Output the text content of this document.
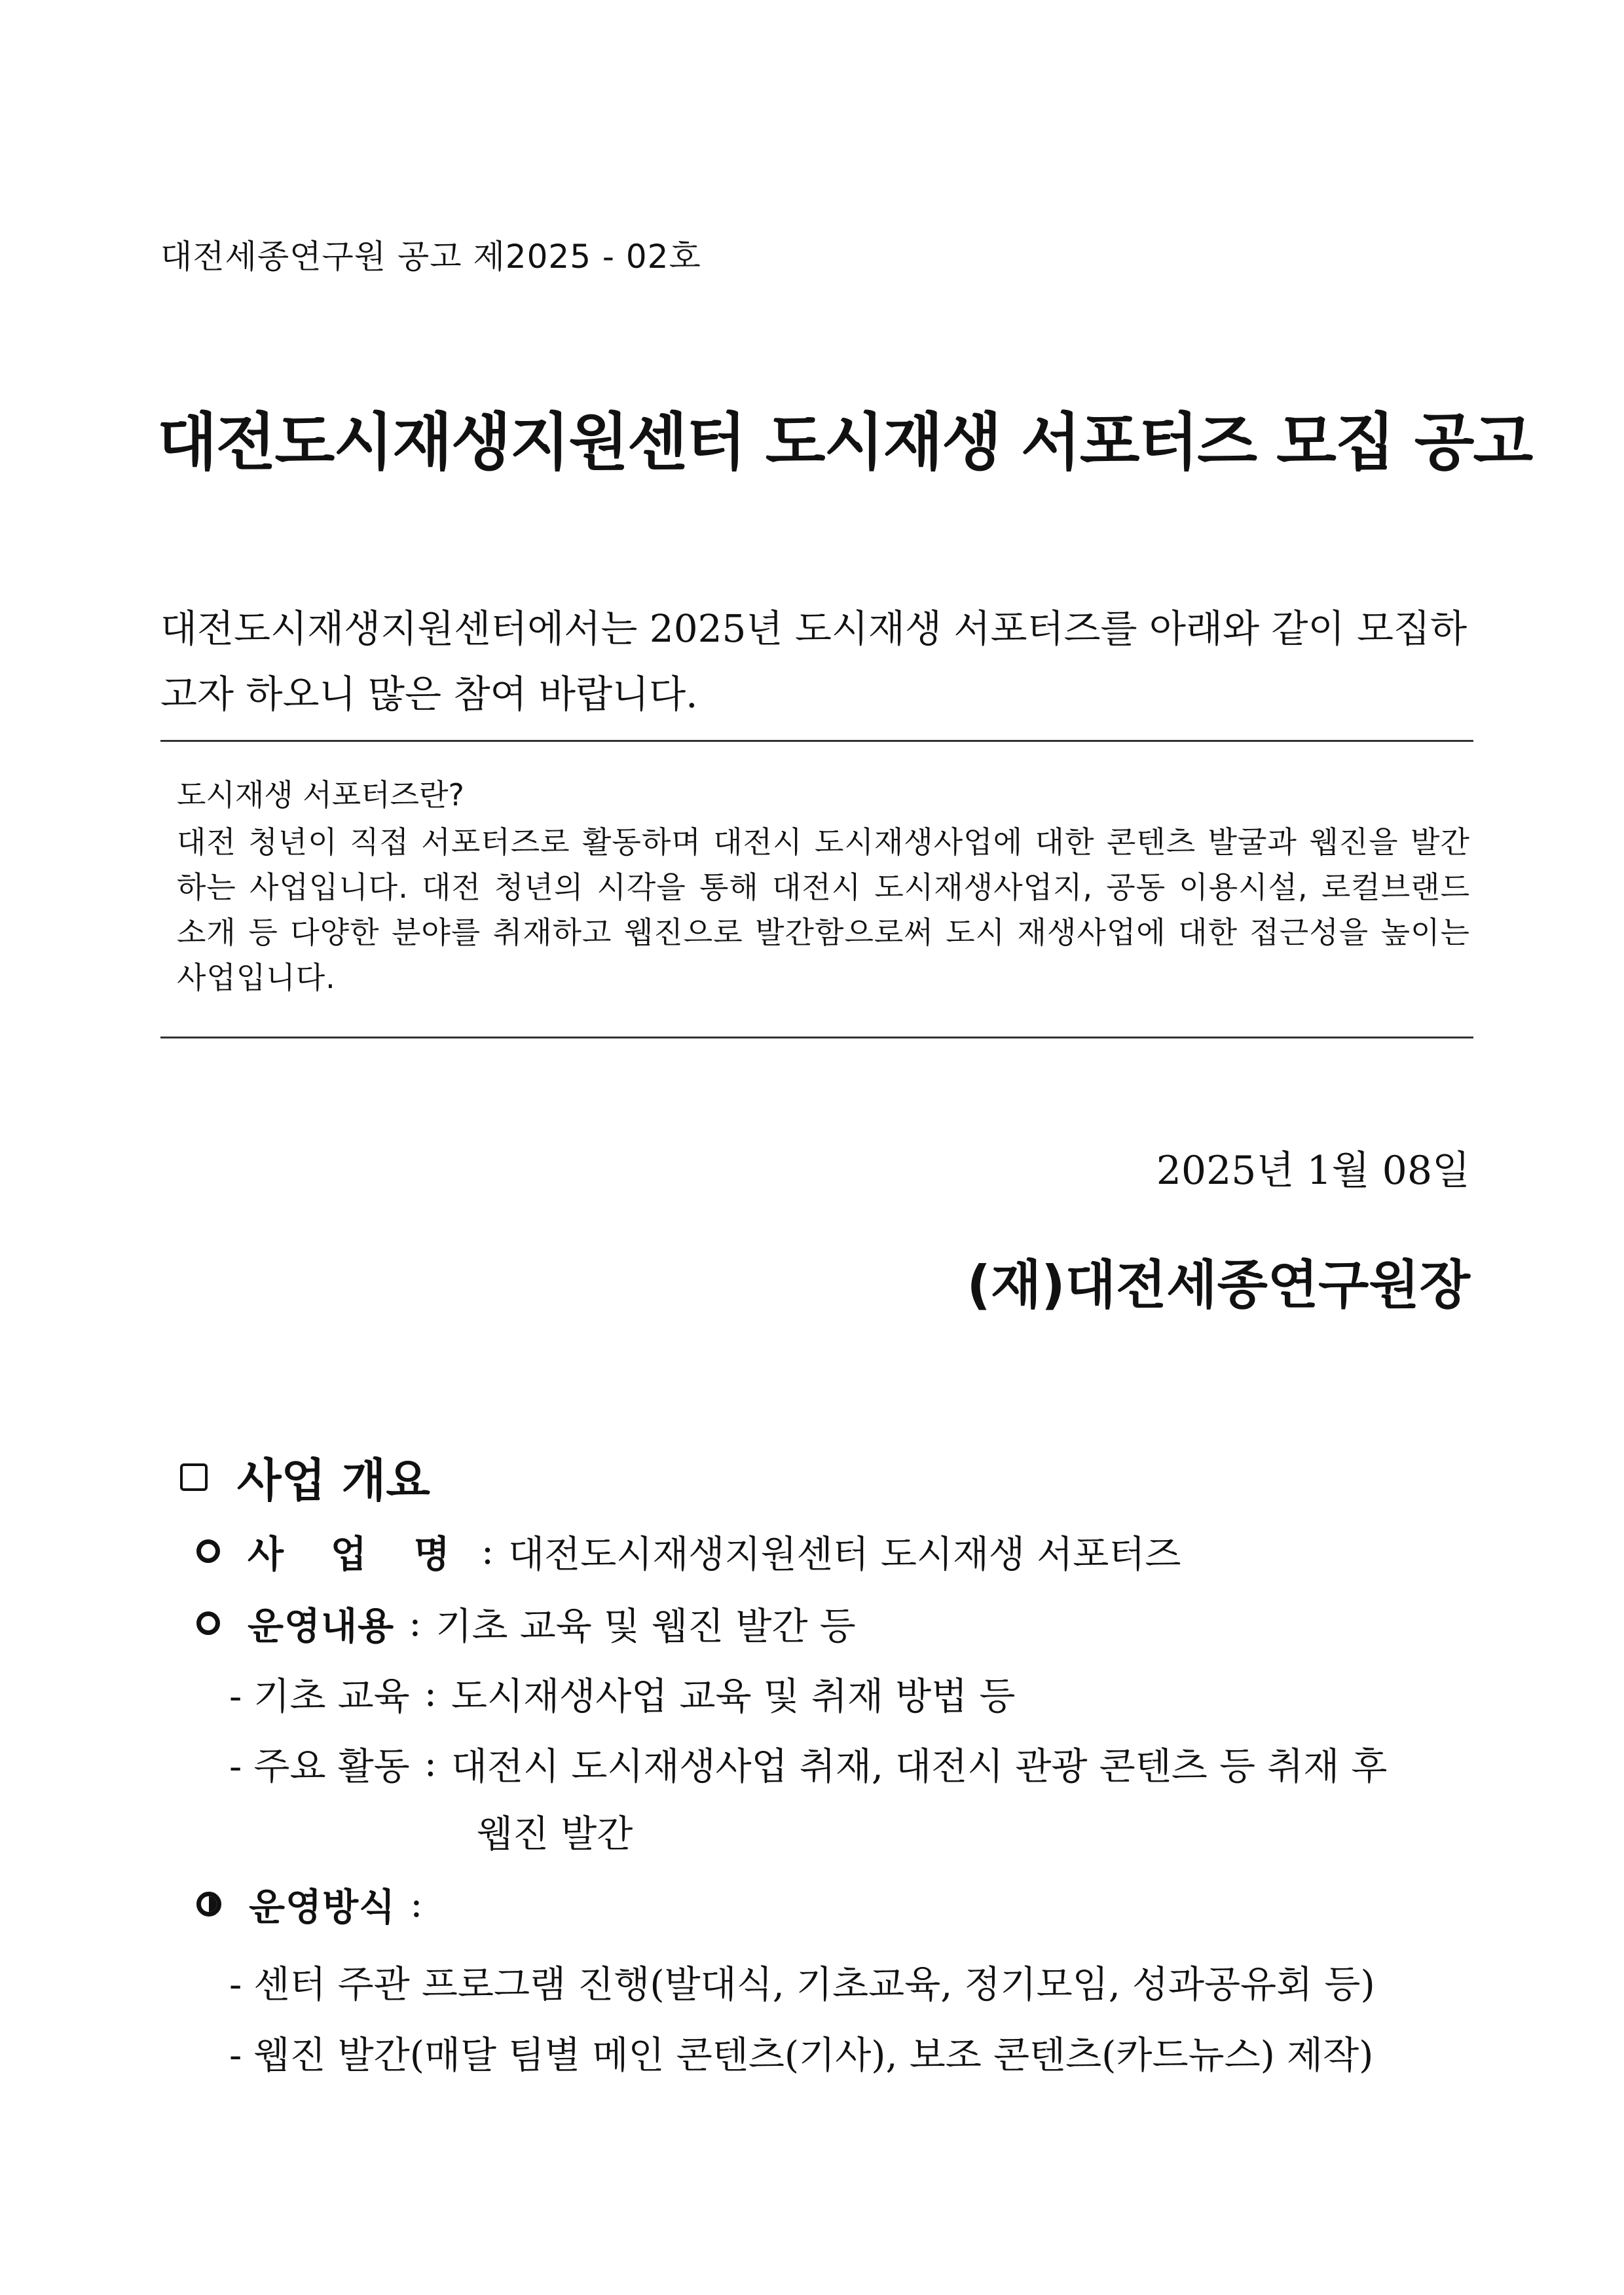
대전세종연구원 공고 제2025 - 02호
대전도시재생지원센터 도시재생 서포터즈 모집 공고
대전도시재생지원센터에서는 2025년 도시재생 서포터즈를 아래와 같이 모집하고자 하오니 많은 참여 바랍니다.
도시재생 서포터즈란?
대전 청년이 직접 서포터즈로 활동하며 대전시 도시재생사업에 대한 콘텐츠 발굴과 웹진을 발간하는 사업입니다. 대전 청년의 시각을 통해 대전시 도시재생사업지, 공동 이용시설, 로컬브랜드 소개 등 다양한 분야를 취재하고 웹진으로 발간함으로써 도시 재생사업에 대한 접근성을 높이는 사업입니다.
2025년 1월 08일
(재)대전세종연구원장
사업 개요
사 업 명 : 대전도시재생지원센터 도시재생 서포터즈
운영내용 : 기초 교육 및 웹진 발간 등
- 기초 교육 : 도시재생사업 교육 및 취재 방법 등
- 주요 활동 : 대전시 도시재생사업 취재, 대전시 관광 콘텐츠 등 취재 후
웹진 발간
운영방식 :
- 센터 주관 프로그램 진행(발대식, 기초교육, 정기모임, 성과공유회 등)
- 웹진 발간(매달 팀별 메인 콘텐츠(기사), 보조 콘텐츠(카드뉴스) 제작)
